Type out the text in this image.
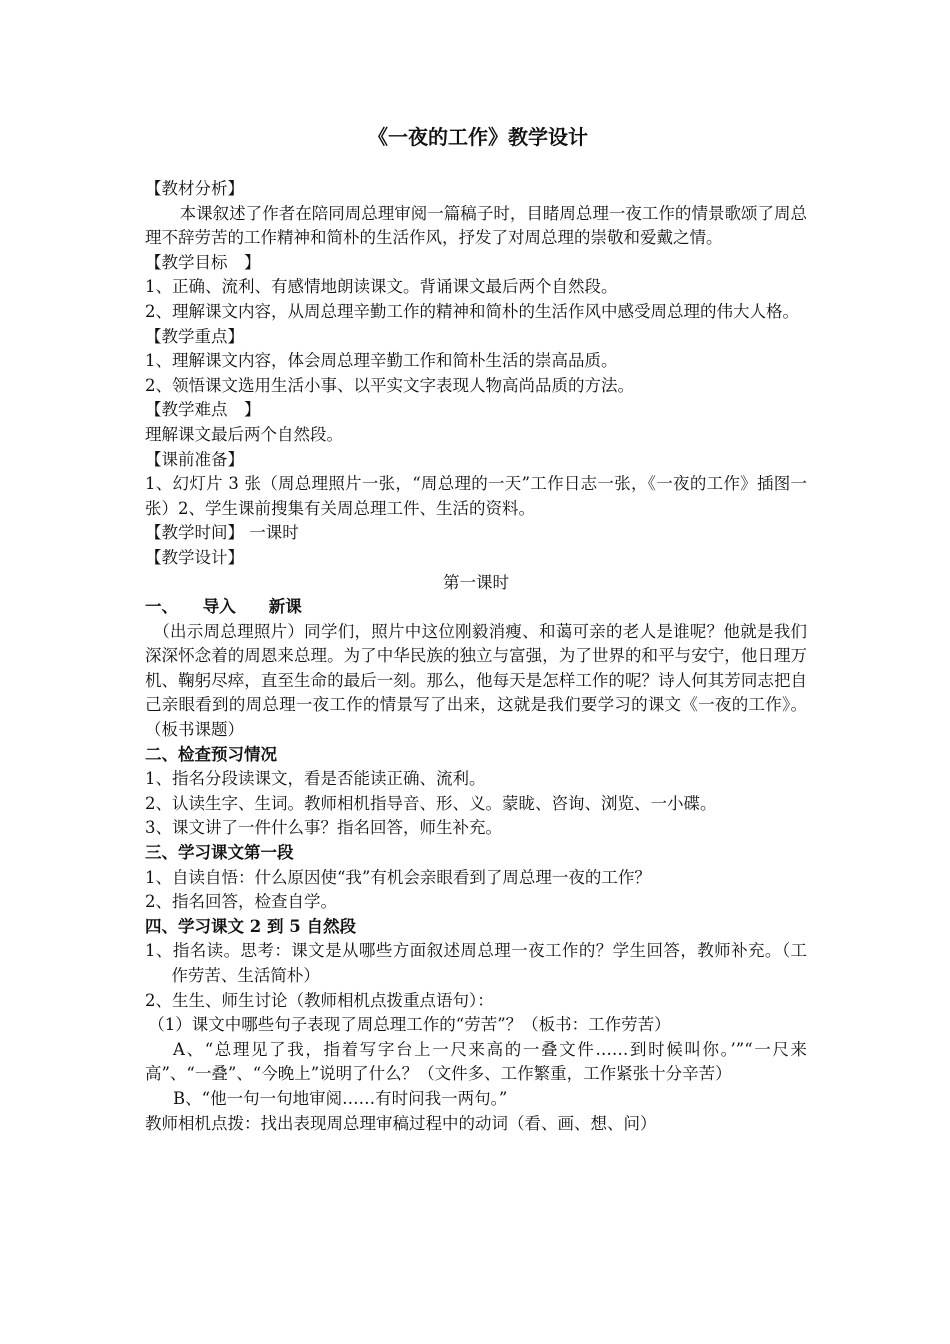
《一夜的工作》教学设计

【教材分析】

本课叙述了作者在陪同周总理审阅一篇稿子时，目睹周总理一夜工作的情景歌颂了周总理不辞劳苦的工作精神和简朴的生活作风，抒发了对周总理的崇敬和爱戴之情。

【教学目标　】

1、正确、流利、有感情地朗读课文。背诵课文最后两个自然段。

2、理解课文内容，从周总理辛勤工作的精神和简朴的生活作风中感受周总理的伟大人格。

【教学重点】

1、理解课文内容，体会周总理辛勤工作和简朴生活的崇高品质。

2、领悟课文选用生活小事、以平实文字表现人物高尚品质的方法。

【教学难点　】

理解课文最后两个自然段。

【课前准备】

1、幻灯片 3 张（周总理照片一张，“周总理的一天”工作日志一张，《一夜的工作》插图一张）2、学生课前搜集有关周总理工件、生活的资料。

【教学时间】 一课时

【教学设计】

第一课时

一、　　导入　　新课

（出示周总理照片）同学们，照片中这位刚毅消瘦、和蔼可亲的老人是谁呢？他就是我们深深怀念着的周恩来总理。为了中华民族的独立与富强，为了世界的和平与安宁，他日理万机、鞠躬尽瘁，直至生命的最后一刻。那么，他每天是怎样工作的呢？诗人何其芳同志把自己亲眼看到的周总理一夜工作的情景写了出来，这就是我们要学习的课文《一夜的工作》。（板书课题）

二、检查预习情况

1、指名分段读课文，看是否能读正确、流利。

2、认读生字、生词。教师相机指导音、形、义。蒙眬、咨询、浏览、一小碟。

3、课文讲了一件什么事？指名回答，师生补充。

三、学习课文第一段

1、自读自悟：什么原因使“我”有机会亲眼看到了周总理一夜的工作？

2、指名回答，检查自学。

四、学习课文 2 到 5 自然段

1、指名读。思考：课文是从哪些方面叙述周总理一夜工作的？学生回答，教师补充。（工作劳苦、生活简朴）

2、生生、师生讨论（教师相机点拨重点语句）：

（1）课文中哪些句子表现了周总理工作的“劳苦”？（板书：工作劳苦）

A、“总理见了我，指着写字台上一尺来高的一叠文件……到时候叫你。’”“一尺来高”、“一叠”、“今晚上”说明了什么？（文件多、工作繁重，工作紧张十分辛苦）

B、“他一句一句地审阅……有时问我一两句。”

教师相机点拨：找出表现周总理审稿过程中的动词（看、画、想、问）
